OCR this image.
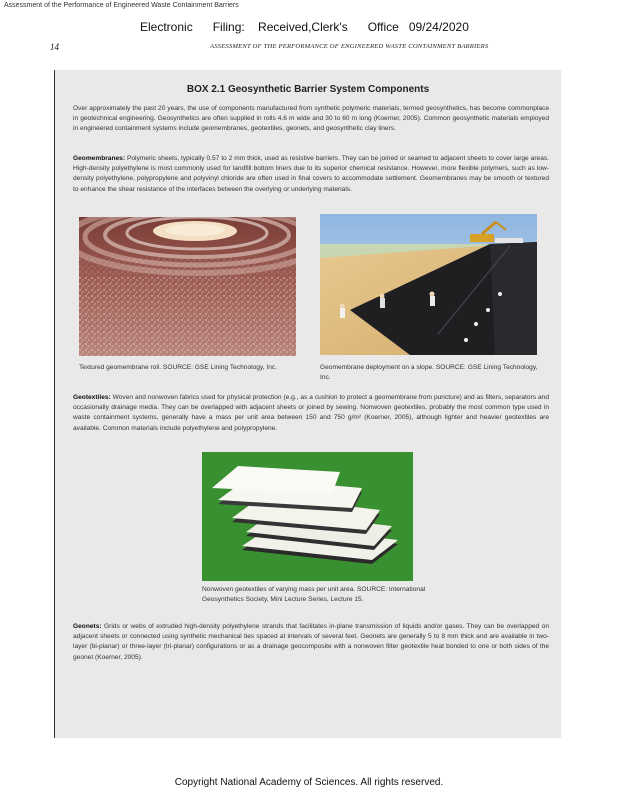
Assessment of the Performance of Engineered Waste Containment Barriers
Electronic      Filing:    Received,Clerk's      Office   09/24/2020
14	ASSESSMENT OF THE PERFORMANCE OF ENGINEERED WASTE CONTAINMENT BARRIERS
BOX 2.1 Geosynthetic Barrier System Components
Over approximately the past 20 years, the use of components manufactured from synthetic polymeric materials, termed geosynthetics, has become commonplace in geotechnical engineering. Geosynthetics are often supplied in rolls 4.6 m wide and 30 to 60 m long (Koerner, 2005). Common geosynthetic materials employed in engineered containment systems include geomembranes, geotextiles, geonets, and geosynthetic clay liners.
Geomembranes: Polymeric sheets, typically 0.57 to 2 mm thick, used as resistive barriers. They can be joined or seamed to adjacent sheets to cover large areas. High-density polyethylene is most commonly used for landfill bottom liners due to its superior chemical resistance. However, more flexible polymers, such as low-density polyethylene, polypropylene and polyvinyl chloride are often used in final covers to accommodate settlement. Geomembranes may be smooth or textured to enhance the shear resistance of the interfaces between the overlying or underlying materials.
Textured geomembrane roll. SOURCE: GSE Lining Technology, Inc.	Geomembrane deployment on a slope. SOURCE: GSE Lining Technology, Inc.
Geotextiles: Woven and nonwoven fabrics used for physical protection (e.g., as a cushion to protect a geomembrane from puncture) and as filters, separators and occasionally drainage media. They can be overlapped with adjacent sheets or joined by sewing. Nonwoven geotextiles, probably the most common type used in waste containment systems, generally have a mass per unit area between 150 and 750 g/m² (Koerner, 2005), although lighter and heavier geotextiles are available. Common materials include polyethylene and polypropylene.
Nonwoven geotextiles of varying mass per unit area. SOURCE: International Geosynthetics Society, Mini Lecture Series, Lecture 15.
Geonets: Grids or webs of extruded high-density polyethylene strands that facilitates in-plane transmission of liquids and/or gases. They can be overlapped on adjacent sheets or connected using synthetic mechanical ties spaced at intervals of several feet. Geonets are generally 5 to 8 mm thick and are available in two-layer (bi-planar) or three-layer (tri-planar) configurations or as a drainage geocomposite with a nonwoven filter geotextile heat bonded to one or both sides of the geonet (Koerner, 2005).
Copyright National Academy of Sciences. All rights reserved.
